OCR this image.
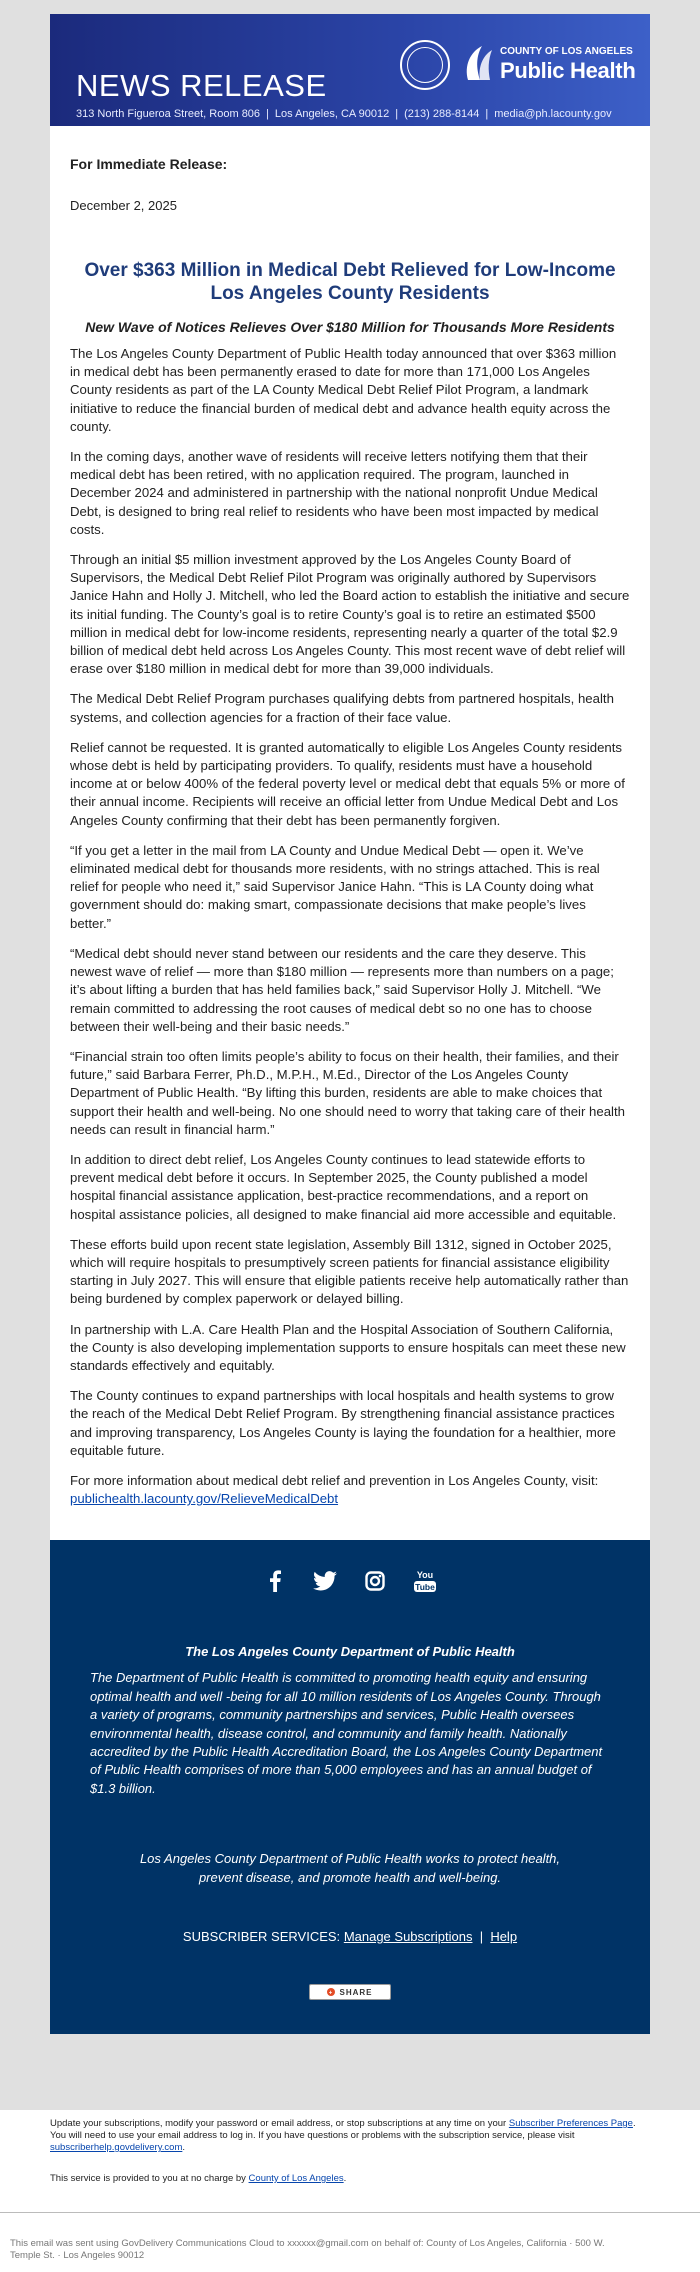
COUNTY OF LOS ANGELES
Public Health
NEWS RELEASE
313 North Figueroa Street, Room 806 | Los Angeles, CA 90012 | (213) 288-8144 | media@ph.lacounty.gov

For Immediate Release:

December 2, 2025

Over $363 Million in Medical Debt Relieved for Low-Income Los Angeles County Residents

New Wave of Notices Relieves Over $180 Million for Thousands More Residents

The Los Angeles County Department of Public Health today announced that over $363 million in medical debt has been permanently erased to date for more than 171,000 Los Angeles County residents as part of the LA County Medical Debt Relief Pilot Program, a landmark initiative to reduce the financial burden of medical debt and advance health equity across the county.

In the coming days, another wave of residents will receive letters notifying them that their medical debt has been retired, with no application required. The program, launched in December 2024 and administered in partnership with the national nonprofit Undue Medical Debt, is designed to bring real relief to residents who have been most impacted by medical costs.

Through an initial $5 million investment approved by the Los Angeles County Board of Supervisors, the Medical Debt Relief Pilot Program was originally authored by Supervisors Janice Hahn and Holly J. Mitchell, who led the Board action to establish the initiative and secure its initial funding. The County’s goal is to retire County’s goal is to retire an estimated $500 million in medical debt for low-income residents, representing nearly a quarter of the total $2.9 billion of medical debt held across Los Angeles County. This most recent wave of debt relief will erase over $180 million in medical debt for more than 39,000 individuals.

The Medical Debt Relief Program purchases qualifying debts from partnered hospitals, health systems, and collection agencies for a fraction of their face value.

Relief cannot be requested. It is granted automatically to eligible Los Angeles County residents whose debt is held by participating providers. To qualify, residents must have a household income at or below 400% of the federal poverty level or medical debt that equals 5% or more of their annual income. Recipients will receive an official letter from Undue Medical Debt and Los Angeles County confirming that their debt has been permanently forgiven.

“If you get a letter in the mail from LA County and Undue Medical Debt — open it. We’ve eliminated medical debt for thousands more residents, with no strings attached. This is real relief for people who need it,” said Supervisor Janice Hahn. “This is LA County doing what government should do: making smart, compassionate decisions that make people’s lives better.”

“Medical debt should never stand between our residents and the care they deserve. This newest wave of relief — more than $180 million — represents more than numbers on a page; it’s about lifting a burden that has held families back,” said Supervisor Holly J. Mitchell. “We remain committed to addressing the root causes of medical debt so no one has to choose between their well-being and their basic needs.”

“Financial strain too often limits people’s ability to focus on their health, their families, and their future,” said Barbara Ferrer, Ph.D., M.P.H., M.Ed., Director of the Los Angeles County Department of Public Health. “By lifting this burden, residents are able to make choices that support their health and well-being. No one should need to worry that taking care of their health needs can result in financial harm.”

In addition to direct debt relief, Los Angeles County continues to lead statewide efforts to prevent medical debt before it occurs. In September 2025, the County published a model hospital financial assistance application, best-practice recommendations, and a report on hospital assistance policies, all designed to make financial aid more accessible and equitable.

These efforts build upon recent state legislation, Assembly Bill 1312, signed in October 2025, which will require hospitals to presumptively screen patients for financial assistance eligibility starting in July 2027. This will ensure that eligible patients receive help automatically rather than being burdened by complex paperwork or delayed billing.

In partnership with L.A. Care Health Plan and the Hospital Association of Southern California, the County is also developing implementation supports to ensure hospitals can meet these new standards effectively and equitably.

The County continues to expand partnerships with local hospitals and health systems to grow the reach of the Medical Debt Relief Program. By strengthening financial assistance practices and improving transparency, Los Angeles County is laying the foundation for a healthier, more equitable future.

For more information about medical debt relief and prevention in Los Angeles County, visit: publichealth.lacounty.gov/RelieveMedicalDebt

You
Tube

The Los Angeles County Department of Public Health

The Department of Public Health is committed to promoting health equity and ensuring optimal health and well -being for all 10 million residents of Los Angeles County. Through a variety of programs, community partnerships and services, Public Health oversees environmental health, disease control, and community and family health. Nationally accredited by the Public Health Accreditation Board, the Los Angeles County Department of Public Health comprises of more than 5,000 employees and has an annual budget of $1.3 billion.

Los Angeles County Department of Public Health works to protect health, prevent disease, and promote health and well-being.

SUBSCRIBER SERVICES: Manage Subscriptions | Help

+ SHARE
Update your subscriptions, modify your password or email address, or stop subscriptions at any time on your Subscriber Preferences Page. You will need to use your email address to log in. If you have questions or problems with the subscription service, please visit subscriberhelp.govdelivery.com.
This service is provided to you at no charge by County of Los Angeles.
This email was sent using GovDelivery Communications Cloud to xxxxxx@gmail.com on behalf of: County of Los Angeles, California · 500 W. Temple St. · Los Angeles 90012
